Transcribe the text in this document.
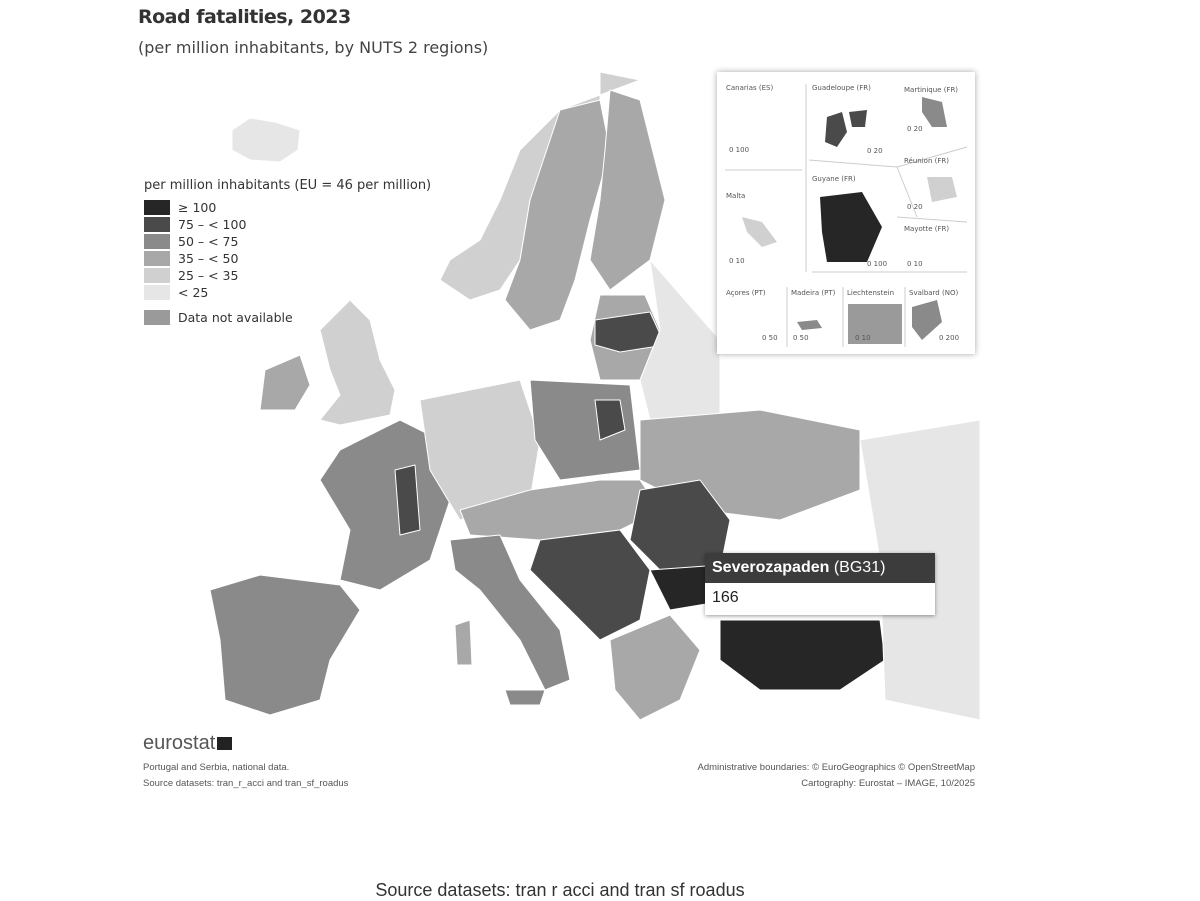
Road fatalities, 2023
(per million inhabitants, by NUTS 2 regions)
per million inhabitants (EU = 46 per million)
≥ 100
75 – < 100
50 – < 75
35 – < 50
25 – < 35
< 25
Data not available
Canarias (ES)
0 100
Guadeloupe (FR)
0 20
Martinique (FR)
0 20
Réunion (FR)
0 20
Malta
0 10
Guyane (FR)
0 100
Mayotte (FR)
0 10
Açores (PT)
0 50
Madeira (PT)
0 50
Liechtenstein
0 10
Svalbard (NO)
0 200
Severozapaden (BG31)
166
eurostat
Portugal and Serbia, national data.
Source datasets: tran_r_acci and tran_sf_roadus
Administrative boundaries: © EuroGeographics © OpenStreetMap
Cartography: Eurostat – IMAGE, 10/2025
Source datasets: tran r acci and tran sf roadus
